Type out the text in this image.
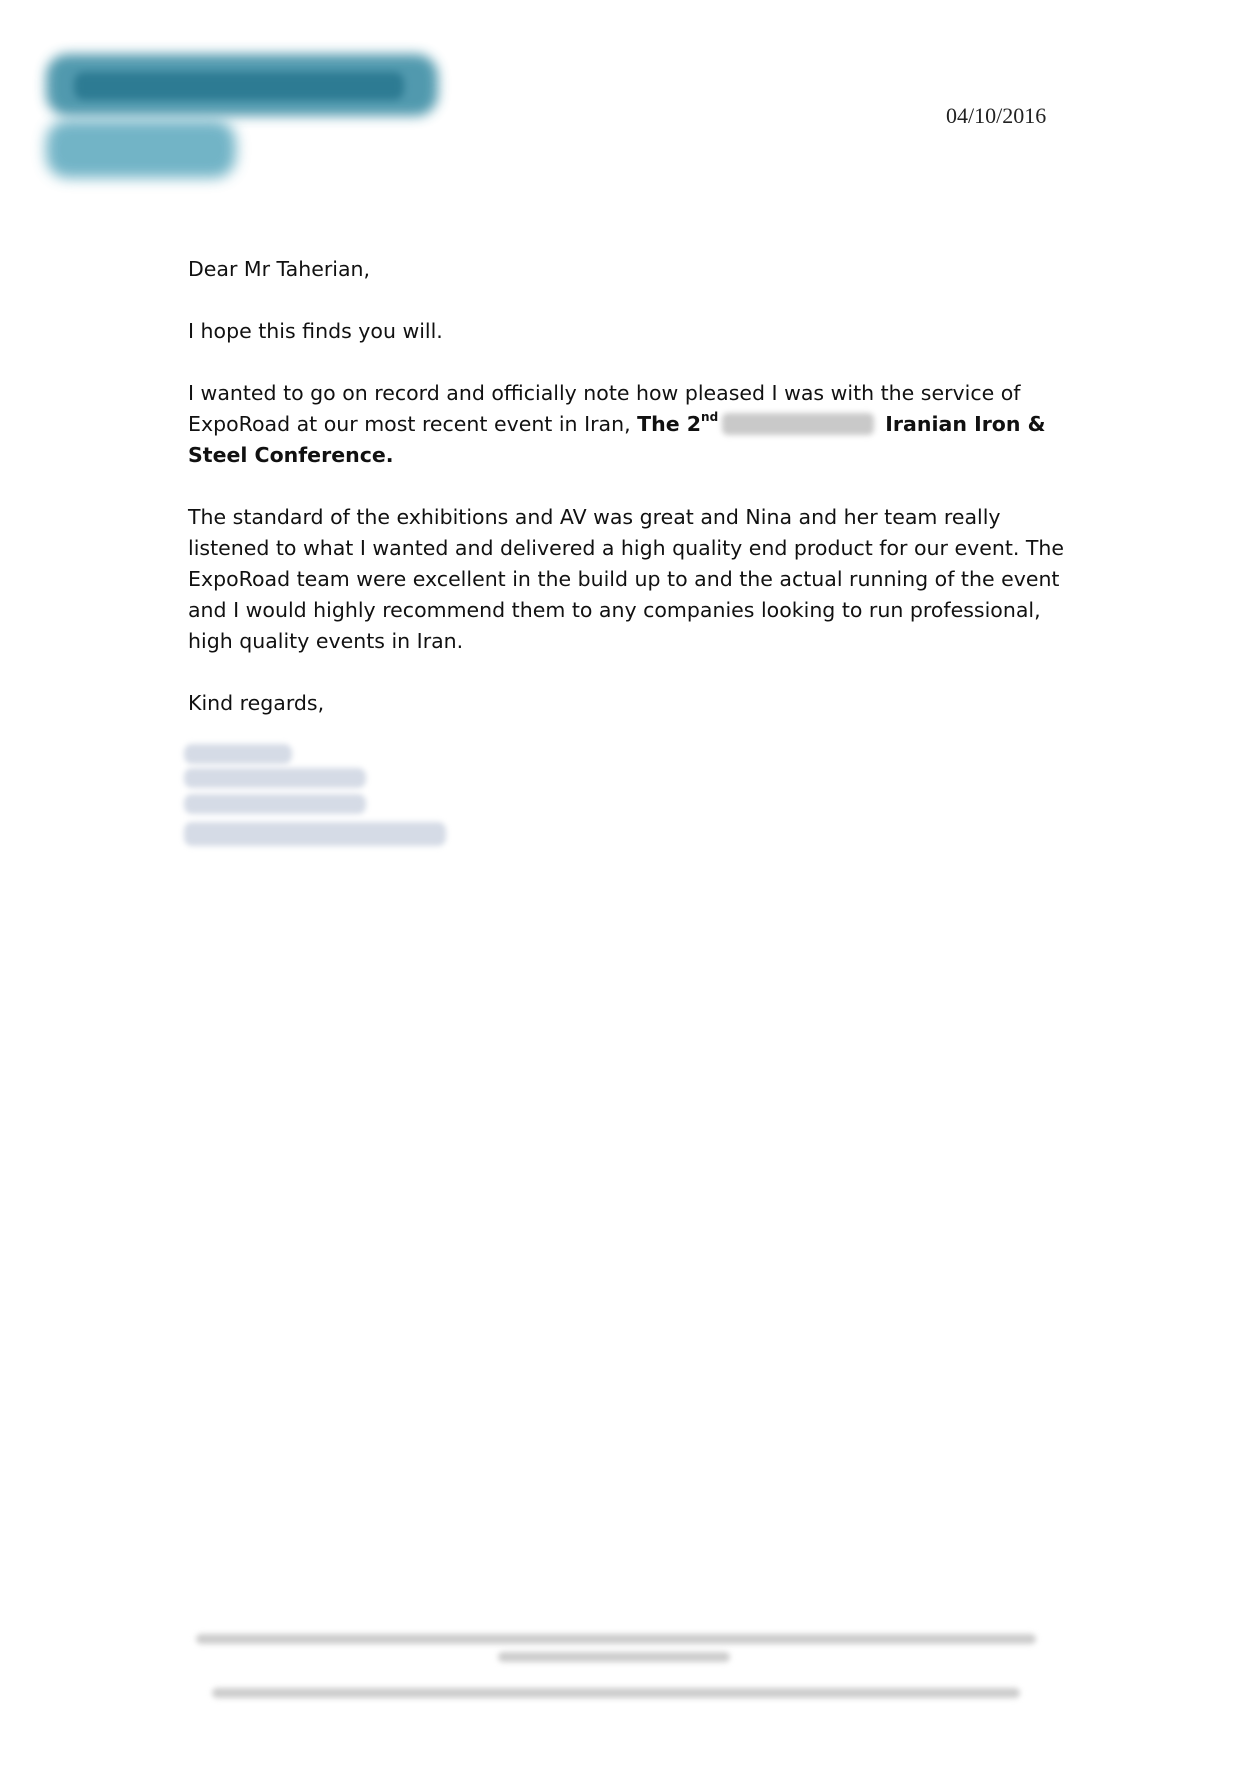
04/10/2016

Dear Mr Taherian,

I hope this finds you will.

I wanted to go on record and officially note how pleased I was with the service of ExpoRoad at our most recent event in Iran, The 2nd	Iranian Iron & Steel Conference.

The standard of the exhibitions and AV was great and Nina and her team really listened to what I wanted and delivered a high quality end product for our event. The ExpoRoad team were excellent in the build up to and the actual running of the event and I would highly recommend them to any companies looking to run professional, high quality events in Iran.

Kind regards,
